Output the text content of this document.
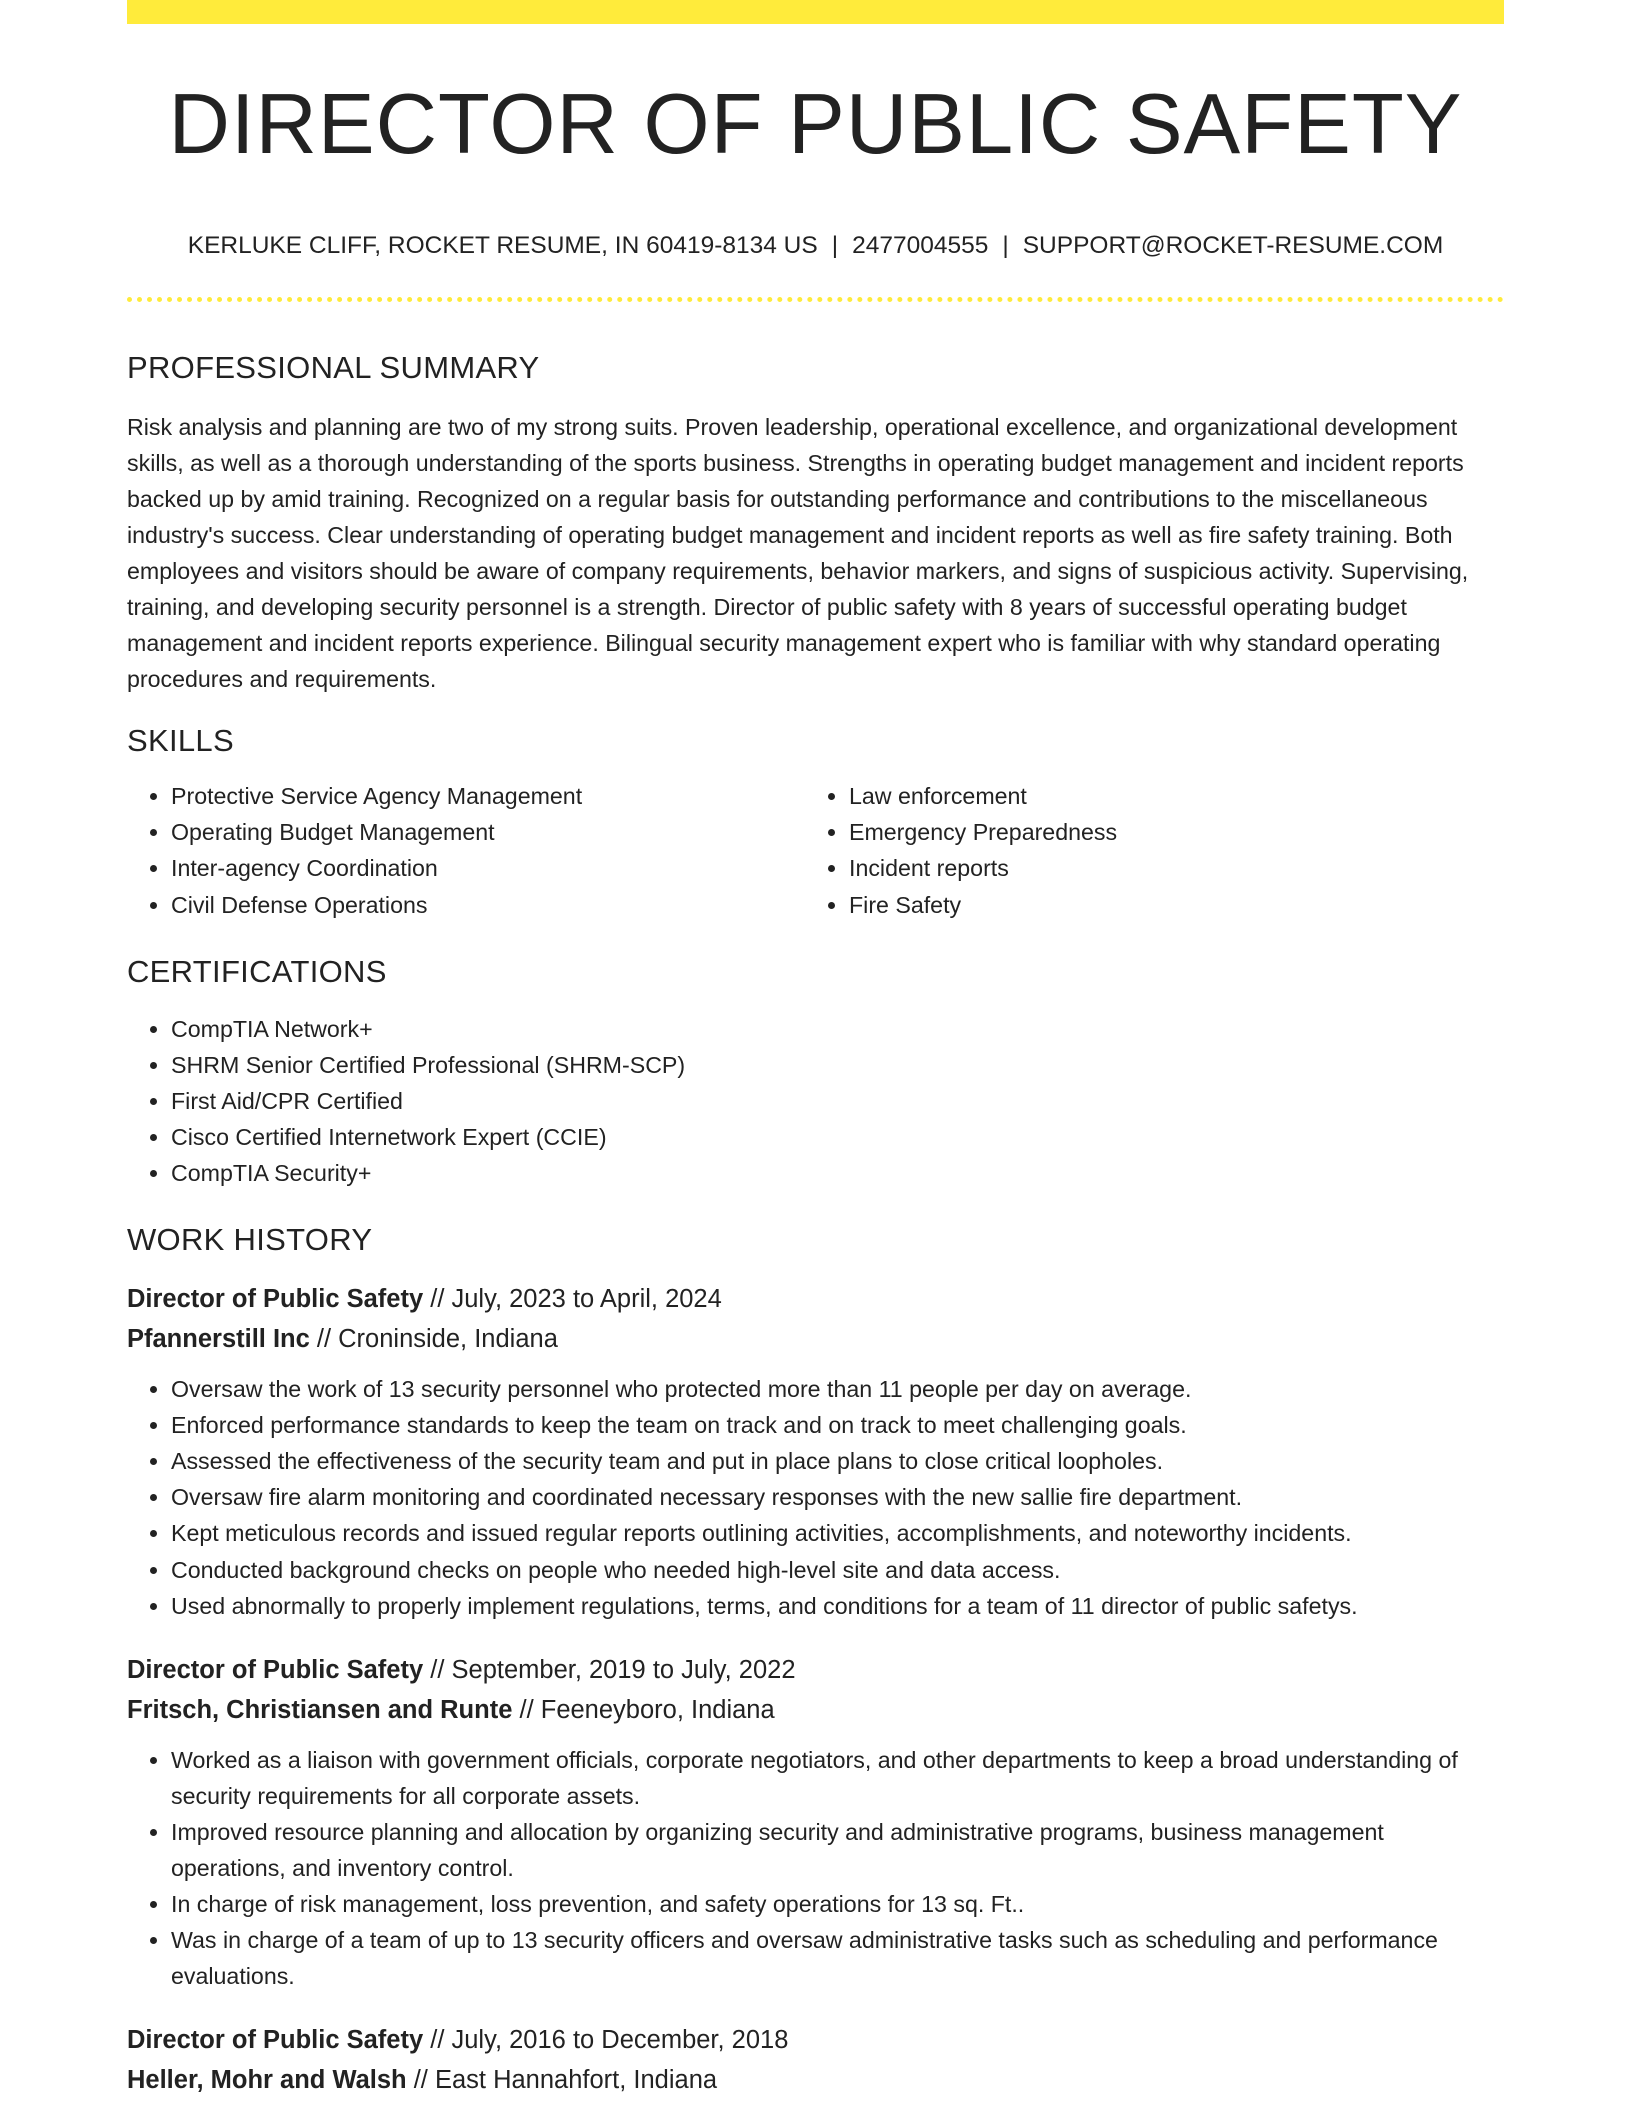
DIRECTOR OF PUBLIC SAFETY
KERLUKE CLIFF, ROCKET RESUME, IN 60419-8134 US | 2477004555 | SUPPORT@ROCKET-RESUME.COM
PROFESSIONAL SUMMARY

Risk analysis and planning are two of my strong suits. Proven leadership, operational excellence, and organizational development skills, as well as a thorough understanding of the sports business. Strengths in operating budget management and incident reports backed up by amid training. Recognized on a regular basis for outstanding performance and contributions to the miscellaneous industry's success. Clear understanding of operating budget management and incident reports as well as fire safety training. Both employees and visitors should be aware of company requirements, behavior markers, and signs of suspicious activity. Supervising, training, and developing security personnel is a strength. Director of public safety with 8 years of successful operating budget management and incident reports experience. Bilingual security management expert who is familiar with why standard operating procedures and requirements.

SKILLS
• Protective Service Agency Management
• Operating Budget Management
• Inter-agency Coordination
• Civil Defense Operations
• Law enforcement
• Emergency Preparedness
• Incident reports
• Fire Safety
CERTIFICATIONS
• CompTIA Network+
• SHRM Senior Certified Professional (SHRM-SCP)
• First Aid/CPR Certified
• Cisco Certified Internetwork Expert (CCIE)
• CompTIA Security+
WORK HISTORY
Director of Public Safety // July, 2023 to April, 2024
Pfannerstill Inc // Croninside, Indiana
• Oversaw the work of 13 security personnel who protected more than 11 people per day on average.
• Enforced performance standards to keep the team on track and on track to meet challenging goals.
• Assessed the effectiveness of the security team and put in place plans to close critical loopholes.
• Oversaw fire alarm monitoring and coordinated necessary responses with the new sallie fire department.
• Kept meticulous records and issued regular reports outlining activities, accomplishments, and noteworthy incidents.
• Conducted background checks on people who needed high-level site and data access.
• Used abnormally to properly implement regulations, terms, and conditions for a team of 11 director of public safetys.
Director of Public Safety // September, 2019 to July, 2022
Fritsch, Christiansen and Runte // Feeneyboro, Indiana
• Worked as a liaison with government officials, corporate negotiators, and other departments to keep a broad understanding of security requirements for all corporate assets.
• Improved resource planning and allocation by organizing security and administrative programs, business management operations, and inventory control.
• In charge of risk management, loss prevention, and safety operations for 13 sq. Ft..
• Was in charge of a team of up to 13 security officers and oversaw administrative tasks such as scheduling and performance evaluations.
Director of Public Safety // July, 2016 to December, 2018
Heller, Mohr and Walsh // East Hannahfort, Indiana
